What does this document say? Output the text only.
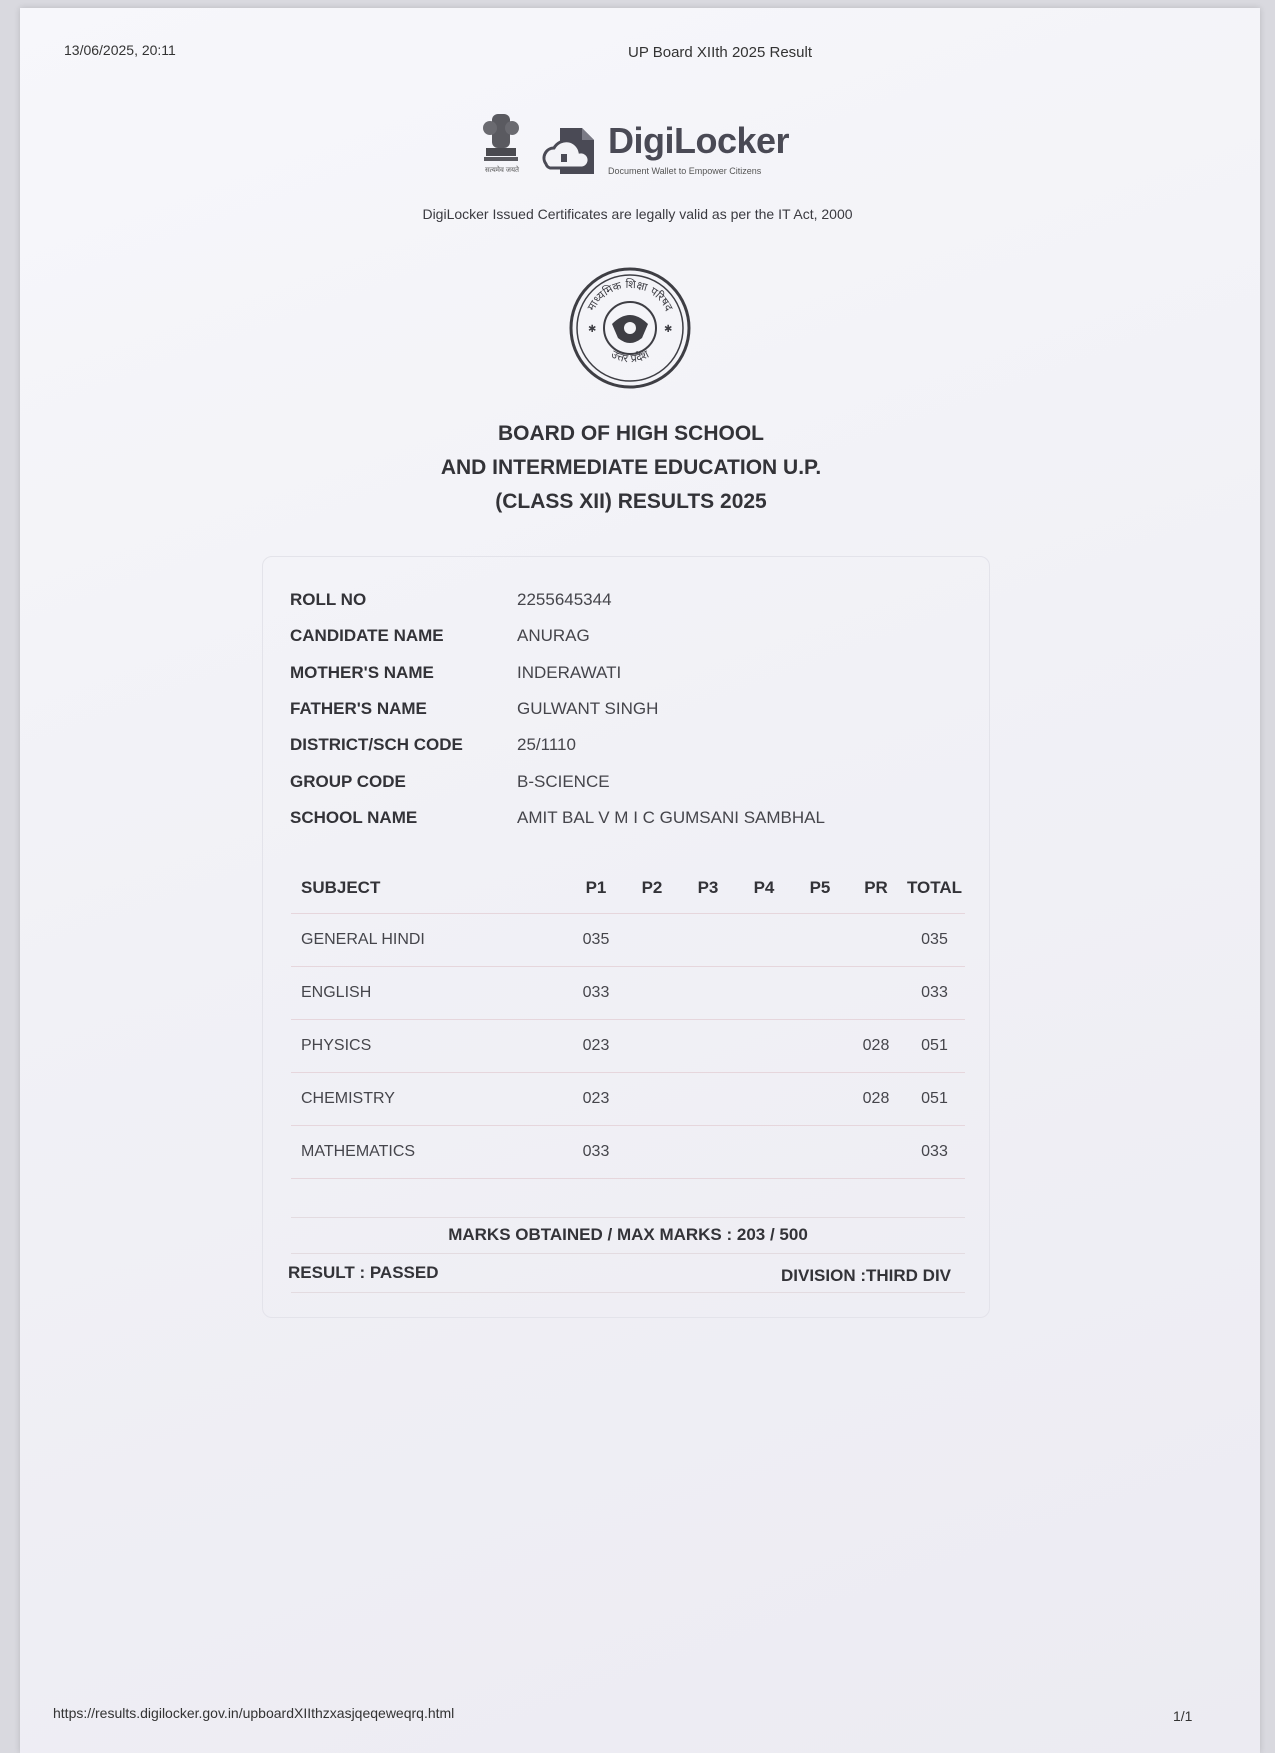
13/06/2025, 20:11	UP Board XIIth 2025 Result
सत्यमेव जयते
DigiLocker
Document Wallet to Empower Citizens
DigiLocker Issued Certificates are legally valid as per the IT Act, 2000
माध्यमिक शिक्षा परिषद
उत्तर प्रदेश
✱	✱
BOARD OF HIGH SCHOOL
AND INTERMEDIATE EDUCATION U.P.
(CLASS XII) RESULTS 2025
ROLL NO	2255645344
CANDIDATE NAME	ANURAG
MOTHER'S NAME	INDERAWATI
FATHER'S NAME	GULWANT SINGH
DISTRICT/SCH CODE	25/1110
GROUP CODE	B-SCIENCE
SCHOOL NAME	AMIT BAL V M I C GUMSANI SAMBHAL
SUBJECT	P1	P2	P3	P4	P5	PR	TOTAL
GENERAL HINDI	035						035
ENGLISH	033						033
PHYSICS	023					028	051
CHEMISTRY	023					028	051
MATHEMATICS	033						033
MARKS OBTAINED / MAX MARKS : 203 / 500
RESULT : PASSED	DIVISION :THIRD DIV
https://results.digilocker.gov.in/upboardXIIthzxasjqeqeweqrq.html	1/1
